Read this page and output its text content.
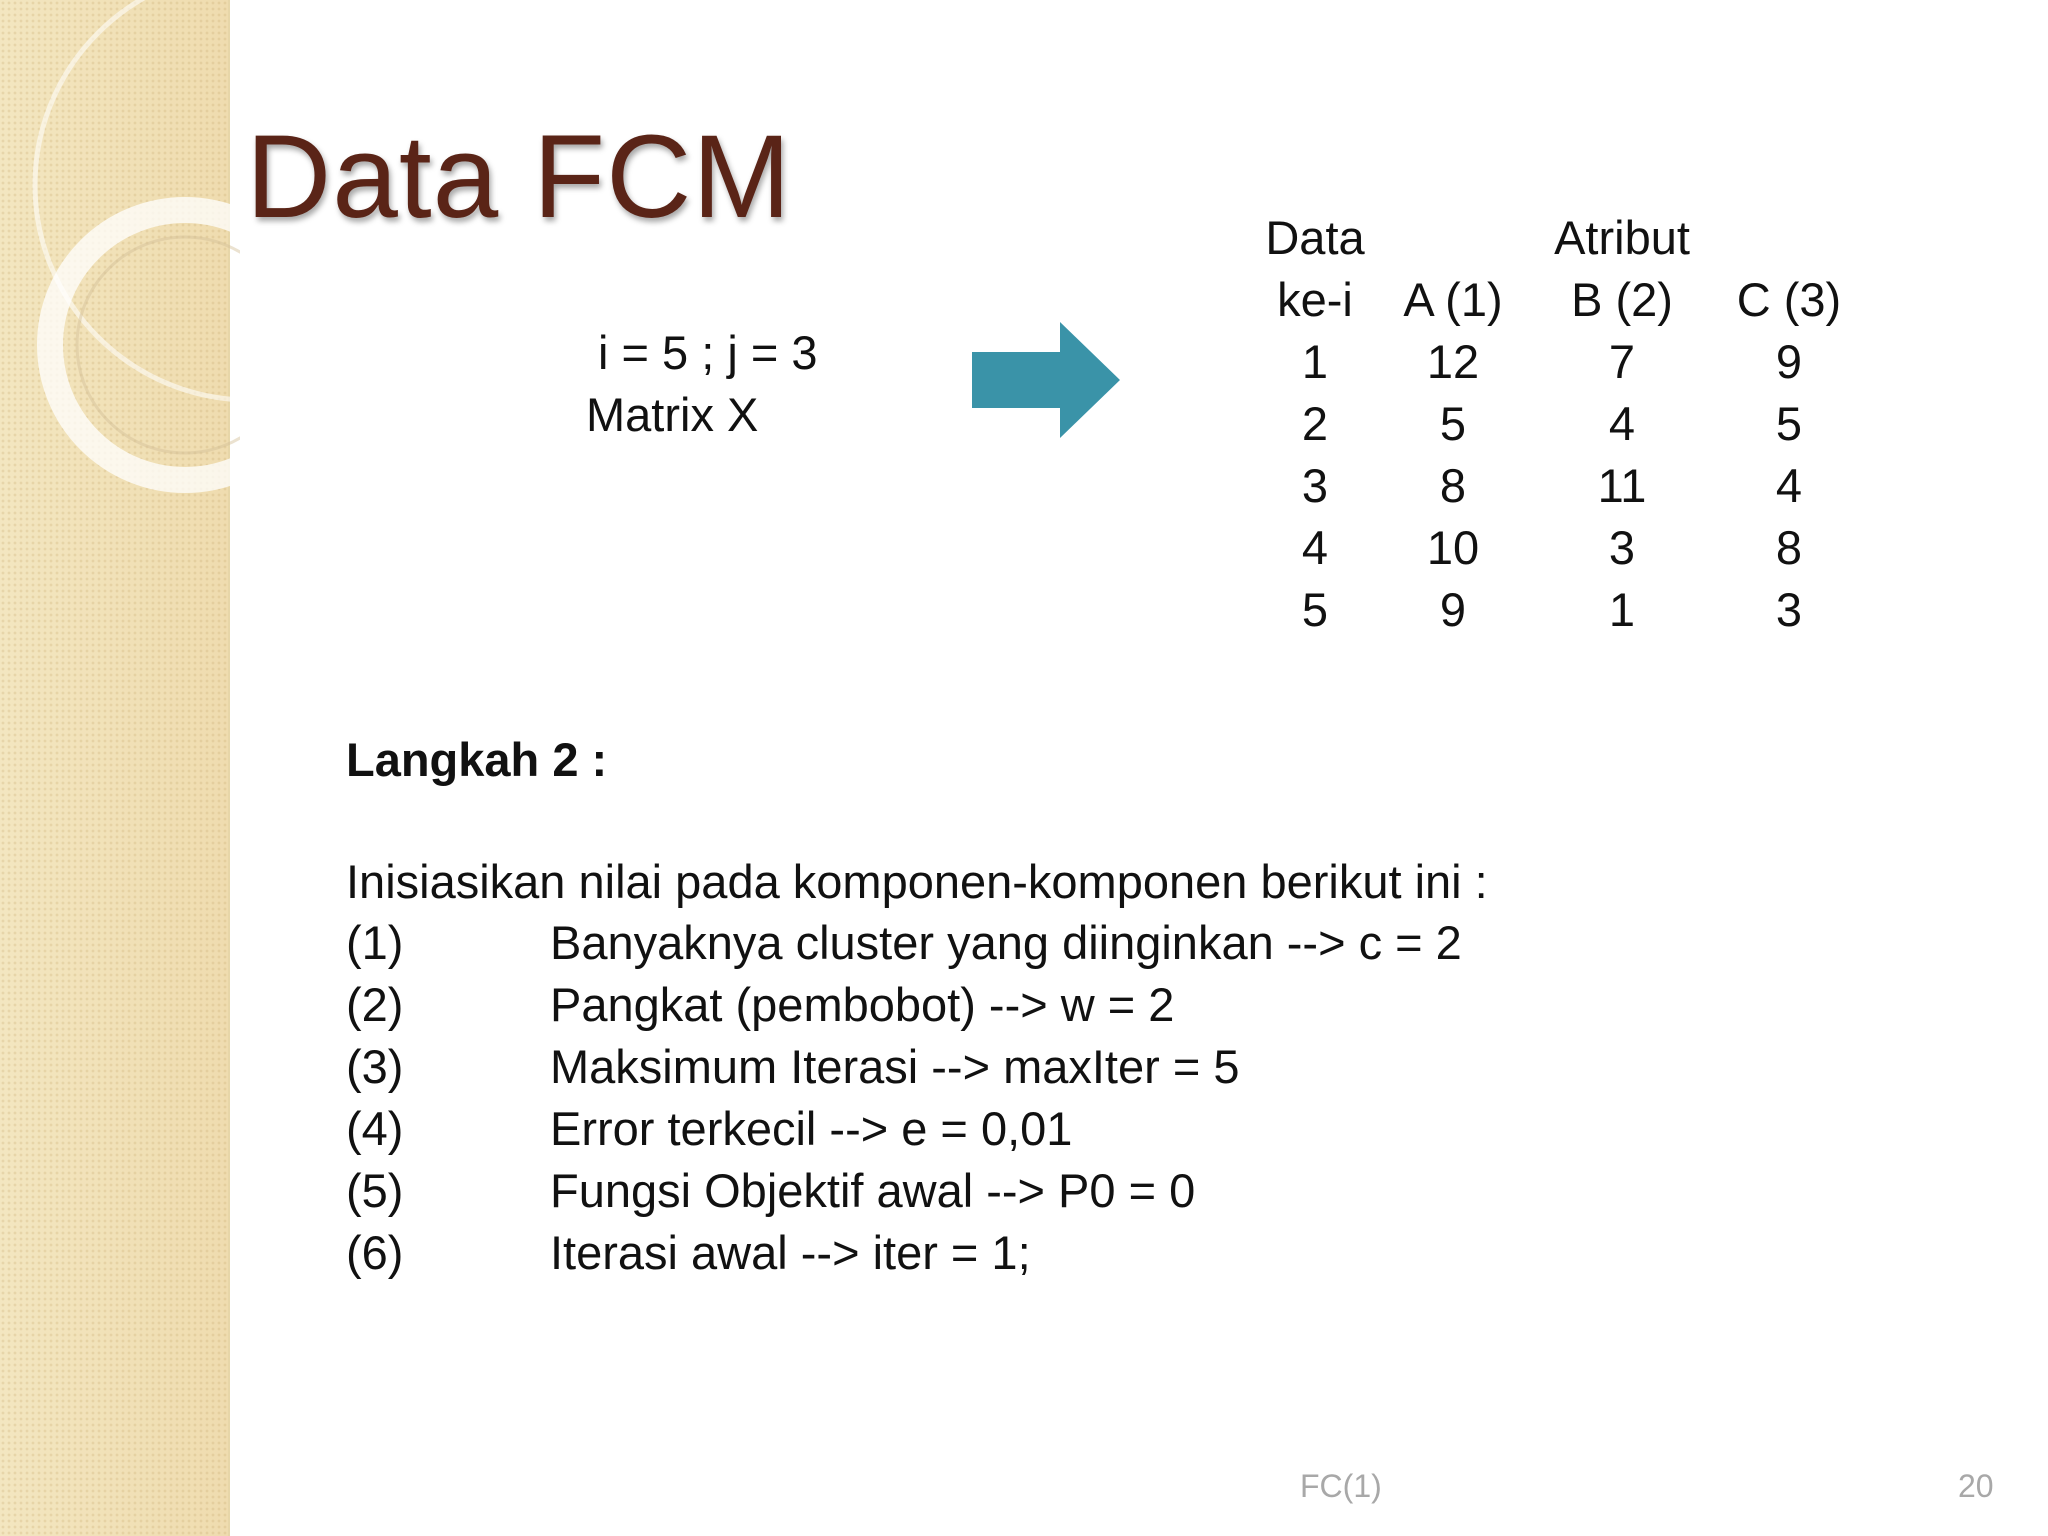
Data FCM
i = 5 ; j = 3
Matrix X
Data		Atribut	
ke-i	A (1)	B (2)	C (3)
1	12	7	9
2	5	4	5
3	8	11	4
4	10	3	8
5	9	1	3
Langkah 2 :
Inisiasikan nilai pada komponen-komponen berikut ini :
(1)	Banyaknya cluster yang diinginkan --> c = 2
(2)	Pangkat (pembobot) --> w = 2
(3)	Maksimum Iterasi --> maxIter = 5
(4)	Error terkecil --> e = 0,01
(5)	Fungsi Objektif awal --> P0 = 0
(6)	Iterasi awal --> iter = 1;
FC(1)	20
